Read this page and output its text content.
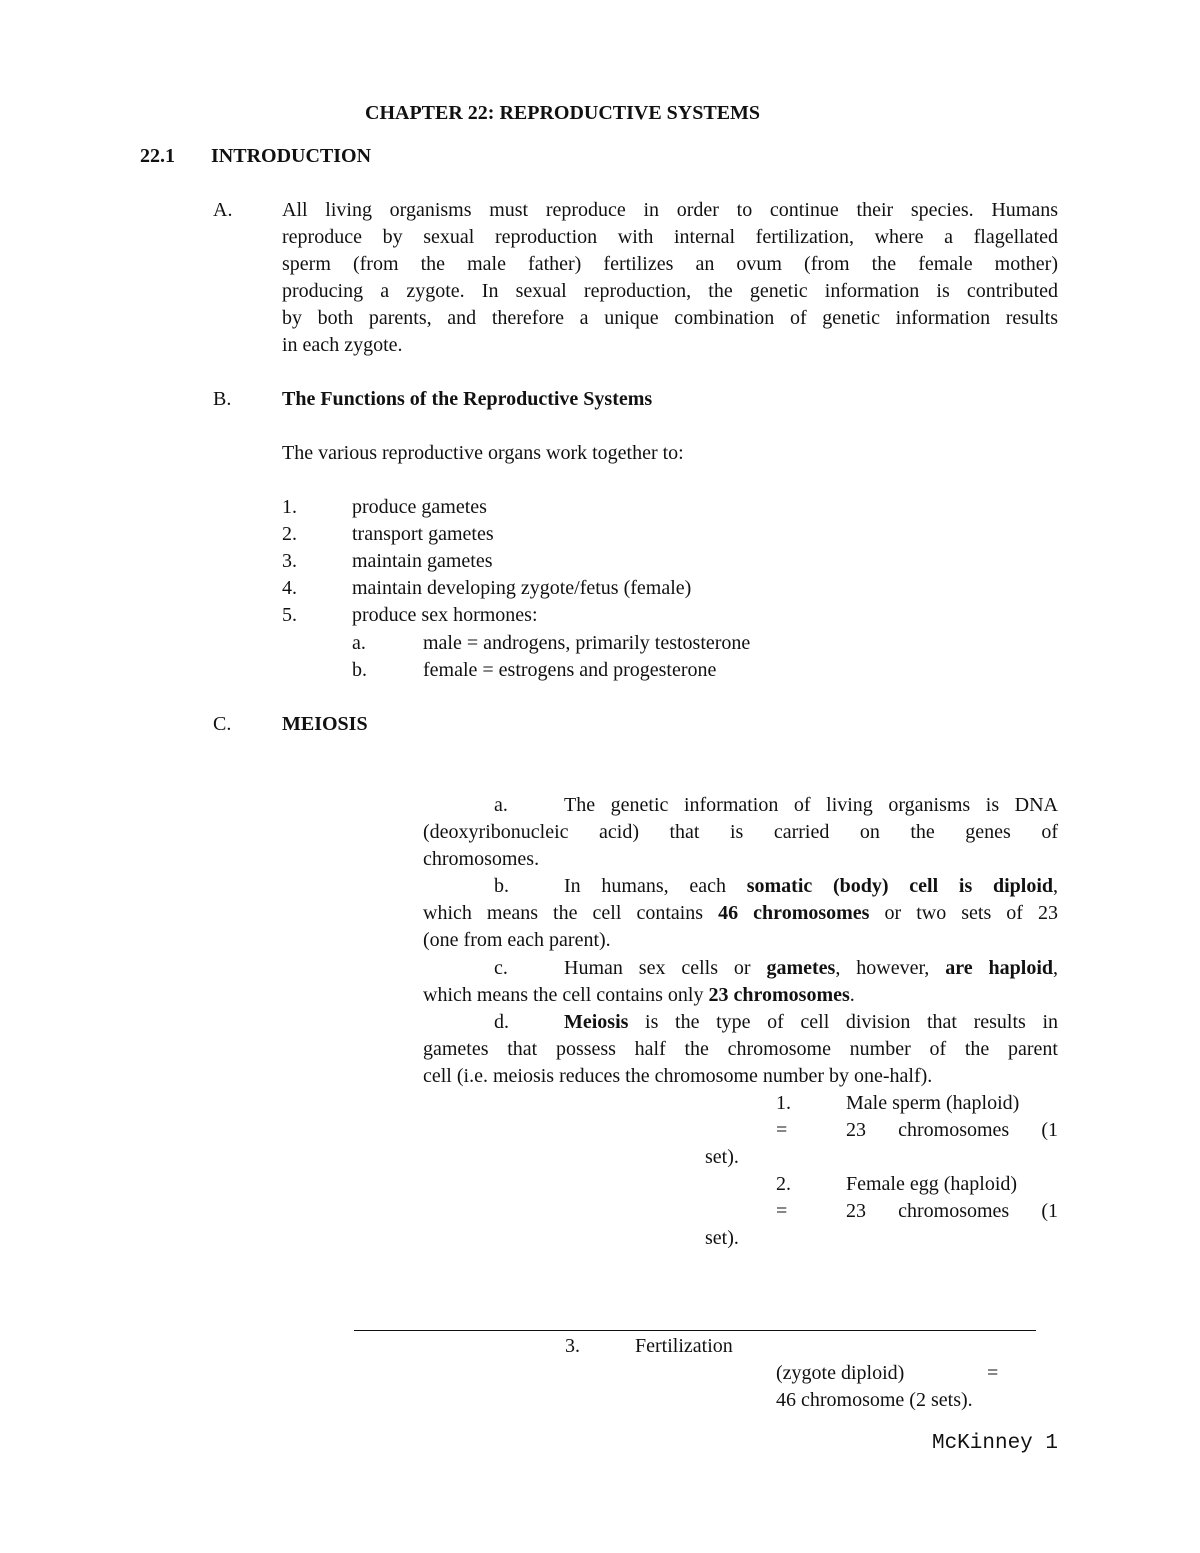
CHAPTER 22: REPRODUCTIVE SYSTEMS
22.1 INTRODUCTION
A. All living organisms must reproduce in order to continue their species. Humans
reproduce by sexual reproduction with internal fertilization, where a flagellated
sperm (from the male father) fertilizes an ovum (from the female mother)
producing a zygote. In sexual reproduction, the genetic information is contributed
by both parents, and therefore a unique combination of genetic information results
in each zygote.
B.	The Functions of the Reproductive Systems
The various reproductive organs work together to:
1.	produce gametes
2.	transport gametes
3.	maintain gametes
4.	maintain developing zygote/fetus (female)
5.	produce sex hormones:
a.	male = androgens, primarily testosterone
b.	female = estrogens and progesterone
C.	MEIOSIS
a.	The genetic information of living organisms is DNA
(deoxyribonucleic acid) that is carried on the genes of
chromosomes.
b.	In humans, each somatic (body) cell is diploid,
which means the cell contains 46 chromosomes or two sets of 23
(one from each parent).
c.	Human sex cells or gametes, however, are haploid,
which means the cell contains only 23 chromosomes.
d.	Meiosis is the type of cell division that results in
gametes that possess half the chromosome number of the parent
cell (i.e. meiosis reduces the chromosome number by one-half).
1.	Male sperm (haploid)
=	23 chromosomes (1
set).
2.	Female egg (haploid)
=	23 chromosomes (1
set).
3.	Fertilization
(zygote diploid)	=
46 chromosome (2 sets).
McKinney 1
